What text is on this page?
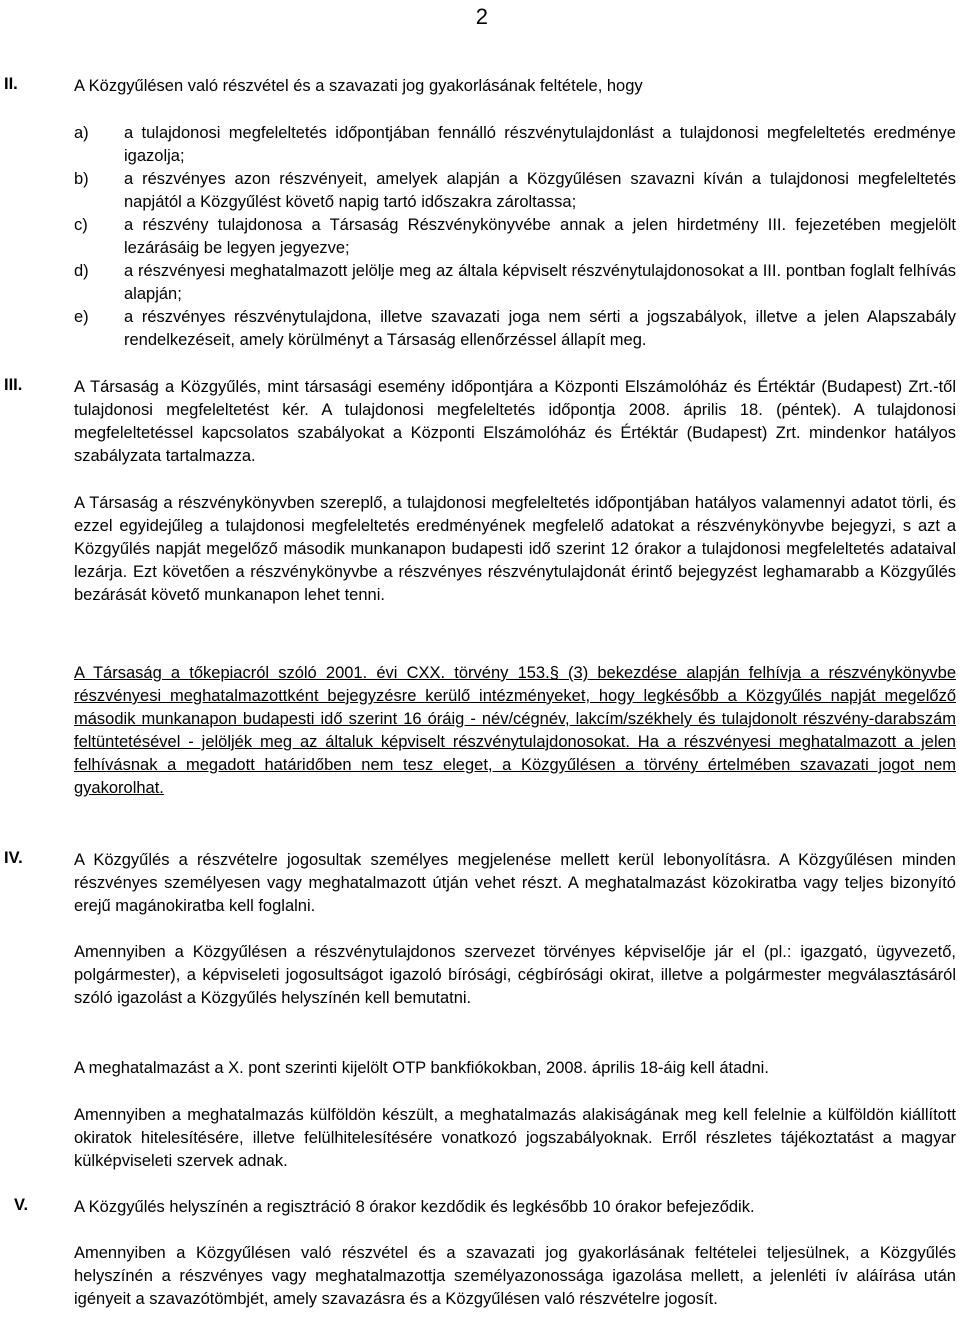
2
II.	A Közgyűlésen való részvétel és a szavazati jog gyakorlásának feltétele, hogy
a) a tulajdonosi megfeleltetés időpontjában fennálló részvénytulajdonlást a tulajdonosi megfeleltetés eredménye igazolja;
b) a részvényes azon részvényeit, amelyek alapján a Közgyűlésen szavazni kíván a tulajdonosi megfeleltetés napjától a Közgyűlést követő napig tartó időszakra zároltassa;
c) a részvény tulajdonosa a Társaság Részvénykönyvébe annak a jelen hirdetmény III. fejezetében megjelölt lezárásáig be legyen jegyezve;
d) a részvényesi meghatalmazott jelölje meg az általa képviselt részvénytulajdonosokat a III. pontban foglalt felhívás alapján;
e) a részvényes részvénytulajdona, illetve szavazati joga nem sérti a jogszabályok, illetve a jelen Alapszabály rendelkezéseit, amely körülményt a Társaság ellenőrzéssel állapít meg.
III.	A Társaság a Közgyűlés, mint társasági esemény időpontjára a Központi Elszámolóház és Értéktár (Budapest) Zrt.-től tulajdonosi megfeleltetést kér. A tulajdonosi megfeleltetés időpontja 2008. április 18. (péntek). A tulajdonosi megfeleltetéssel kapcsolatos szabályokat a Központi Elszámolóház és Értéktár (Budapest) Zrt. mindenkor hatályos szabályzata tartalmazza.
A Társaság a részvénykönyvben szereplő, a tulajdonosi megfeleltetés időpontjában hatályos valamennyi adatot törli, és ezzel egyidejűleg a tulajdonosi megfeleltetés eredményének megfelelő adatokat a részvénykönyvbe bejegyzi, s azt a Közgyűlés napját megelőző második munkanapon budapesti idő szerint 12 órakor a tulajdonosi megfeleltetés adataival lezárja. Ezt követően a részvénykönyvbe a részvényes részvénytulajdonát érintő bejegyzést leghamarabb a Közgyűlés bezárását követő munkanapon lehet tenni.
A Társaság a tőkepiacról szóló 2001. évi CXX. törvény 153.§ (3) bekezdése alapján felhívja a részvénykönyvbe részvényesi meghatalmazottként bejegyzésre kerülő intézményeket, hogy legkésőbb a Közgyűlés napját megelőző második munkanapon budapesti idő szerint 16 óráig - név/cégnév, lakcím/székhely és tulajdonolt részvény-darabszám feltüntetésével - jelöljék meg az általuk képviselt részvénytulajdonosokat. Ha a részvényesi meghatalmazott a jelen felhívásnak a megadott határidőben nem tesz eleget, a Közgyűlésen a törvény értelmében szavazati jogot nem gyakorolhat.
IV.	A Közgyűlés a részvételre jogosultak személyes megjelenése mellett kerül lebonyolításra. A Közgyűlésen minden részvényes személyesen vagy meghatalmazott útján vehet részt. A meghatalmazást közokiratba vagy teljes bizonyító erejű magánokiratba kell foglalni.
Amennyiben a Közgyűlésen a részvénytulajdonos szervezet törvényes képviselője jár el (pl.: igazgató, ügyvezető, polgármester), a képviseleti jogosultságot igazoló bírósági, cégbírósági okirat, illetve a polgármester megválasztásáról szóló igazolást a Közgyűlés helyszínén kell bemutatni.
A meghatalmazást a X. pont szerinti kijelölt OTP bankfiókokban, 2008. április 18-áig kell átadni.
Amennyiben a meghatalmazás külföldön készült, a meghatalmazás alakiságának meg kell felelnie a külföldön kiállított okiratok hitelesítésére, illetve felülhitelesítésére vonatkozó jogszabályoknak. Erről részletes tájékoztatást a magyar külképviseleti szervek adnak.
V.	A Közgyűlés helyszínén a regisztráció 8 órakor kezdődik és legkésőbb 10 órakor befejeződik.
Amennyiben a Közgyűlésen való részvétel és a szavazati jog gyakorlásának feltételei teljesülnek, a Közgyűlés helyszínén a részvényes vagy meghatalmazottja személyazonossága igazolása mellett, a jelenléti ív aláírása után igényeit a szavazótömbjét, amely szavazásra és a Közgyűlésen való részvételre jogosít.
